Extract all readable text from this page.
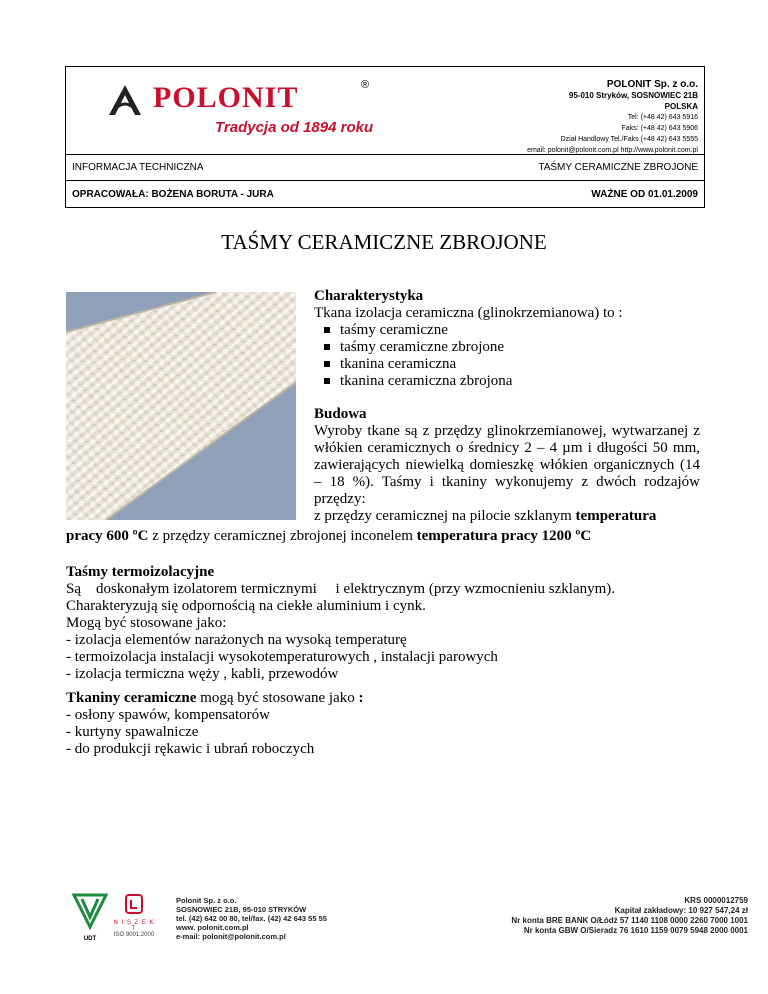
POLONIT	®
Tradycja od 1894 roku
POLONIT Sp. z o.o.
95-010 Stryków, SOSNOWIEC 21B
POLSKA
Tel: (+48 42) 643 5916
Faks: (+48 42) 643 5906
Dział Handlowy Tel./Faks (+48 42) 643 5555
email: polonit@polonit.com.pl http://www.polonit.com.pl
INFORMACJA TECHNICZNA	TAŚMY CERAMICZNE ZBROJONE
OPRACOWAŁA: BOŻENA BORUTA - JURA	WAŻNE OD 01.01.2009
TAŚMY CERAMICZNE ZBROJONE
Charakterystyka
Tkana izolacja ceramiczna (glinokrzemianowa) to :
taśmy ceramiczne
taśmy ceramiczne zbrojone
tkanina ceramiczna
tkanina ceramiczna zbrojona
Budowa
Wyroby tkane są z przędzy glinokrzemianowej, wytwarzanej z włókien ceramicznych o średnicy 2 – 4 µm i długości 50 mm, zawierających niewielką domieszkę włókien organicznych (14 – 18 %). Taśmy i tkaniny wykonujemy z dwóch rodzajów przędzy:
z przędzy ceramicznej na pilocie szklanym temperatura
pracy 600 ºC z przędzy ceramicznej zbrojonej inconelem temperatura pracy 1200 ºC
Taśmy termoizolacyjne
Są    doskonałym izolatorem termicznymi     i elektrycznym (przy wzmocnieniu szklanym).
Charakteryzują się odpornością na ciekłe aluminium i cynk.
Mogą być stosowane jako:
- izolacja elementów narażonych na wysoką temperaturę
- termoizolacja instalacji wysokotemperaturowych , instalacji parowych
- izolacja termiczna węży , kabli, przewodów
Tkaniny ceramiczne mogą być stosowane jako :
- osłony spawów, kompensatorów
- kurtyny spawalnicze
- do produkcji rękawic i ubrań roboczych
UDT
N I S Z E K T
ISO 9001:2000
Polonit Sp. z o.o.
SOSNOWIEC 21B, 95-010 STRYKÓW
tel. (42) 642 00 80, tel/fax. (42) 42 643 55 55
www. polonit.com.pl
e-mail: polonit@polonit.com.pl
KRS 0000012759
Kapitał zakładowy: 10 927 547,24 zł
Nr konta BRE BANK O/Łódź 57 1140 1108 0000 2260 7000 1001
Nr konta GBW O/Sieradz 76 1610 1159 0079 5948 2000 0001
